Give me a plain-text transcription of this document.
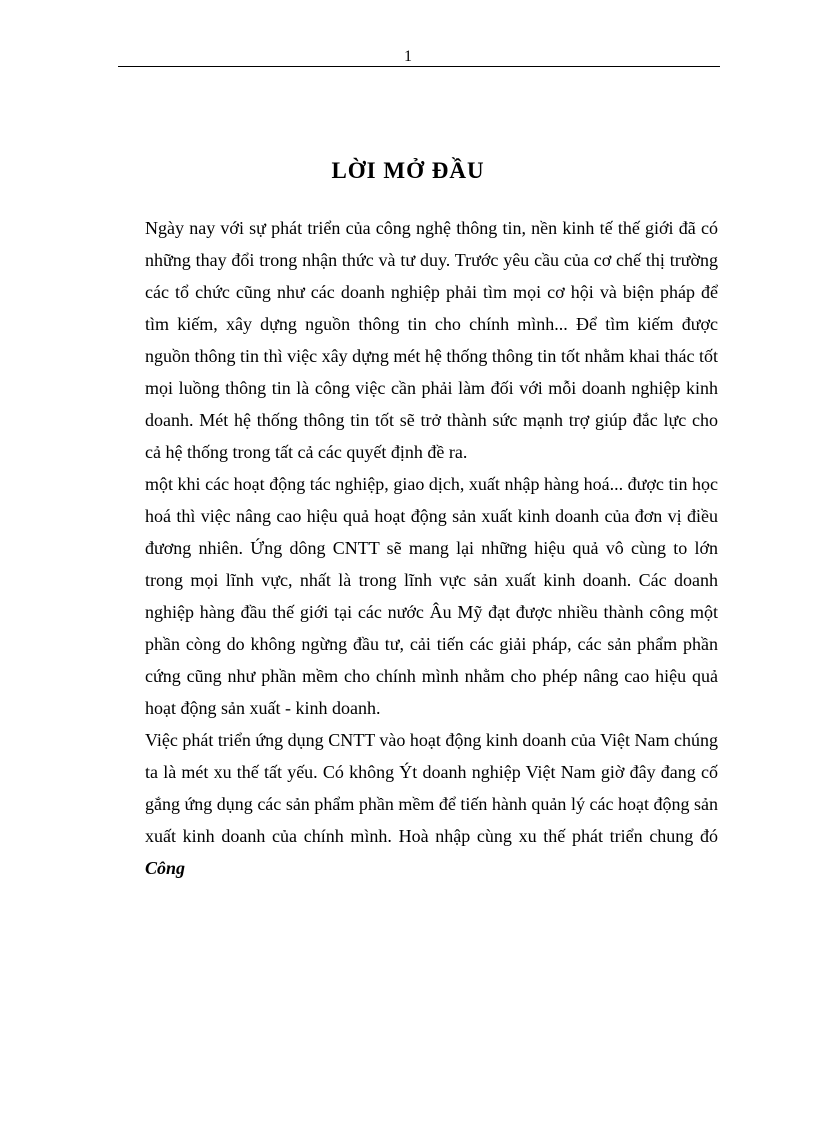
1
LỜI MỞ ĐẦU

Ngày nay với sự phát triển của công nghệ thông tin, nền kinh tế thế giới đã có những thay đổi trong nhận thức và tư duy. Trước yêu cầu của cơ chế thị trường các tổ chức cũng như các doanh nghiệp phải tìm mọi cơ hội và biện pháp để tìm kiếm, xây dựng nguồn thông tin cho chính mình... Để tìm kiếm được nguồn thông tin thì việc xây dựng mét hệ thống thông tin tốt nhằm khai thác tốt mọi luồng thông tin là công việc cần phải làm đối với mỗi doanh nghiệp kinh doanh. Mét hệ thống thông tin tốt sẽ trở thành sức mạnh trợ giúp đắc lực cho cả hệ thống trong tất cả các quyết định đề ra.

một khi các hoạt động tác nghiệp, giao dịch, xuất nhập hàng hoá... được tin học hoá thì việc nâng cao hiệu quả hoạt động sản xuất kinh doanh của đơn vị điều đương nhiên. Ứng dông CNTT sẽ mang lại những hiệu quả vô cùng to lớn trong mọi lĩnh vực, nhất là trong lĩnh vực sản xuất kinh doanh. Các doanh nghiệp hàng đầu thế giới tại các nước Âu Mỹ đạt được nhiều thành công một phần còng do không ngừng đầu tư, cải tiến các giải pháp, các sản phẩm phần cứng cũng như phần mềm cho chính mình nhằm cho phép nâng cao hiệu quả hoạt động sản xuất - kinh doanh.

Việc phát triển ứng dụng CNTT vào hoạt động kinh doanh của Việt Nam chúng ta là mét xu thế tất yếu. Có không Ýt doanh nghiệp Việt Nam giờ đây đang cố gắng ứng dụng các sản phẩm phần mềm để tiến hành quản lý các hoạt động sản xuất kinh doanh của chính mình. Hoà nhập cùng xu thế phát triển chung đó Công
